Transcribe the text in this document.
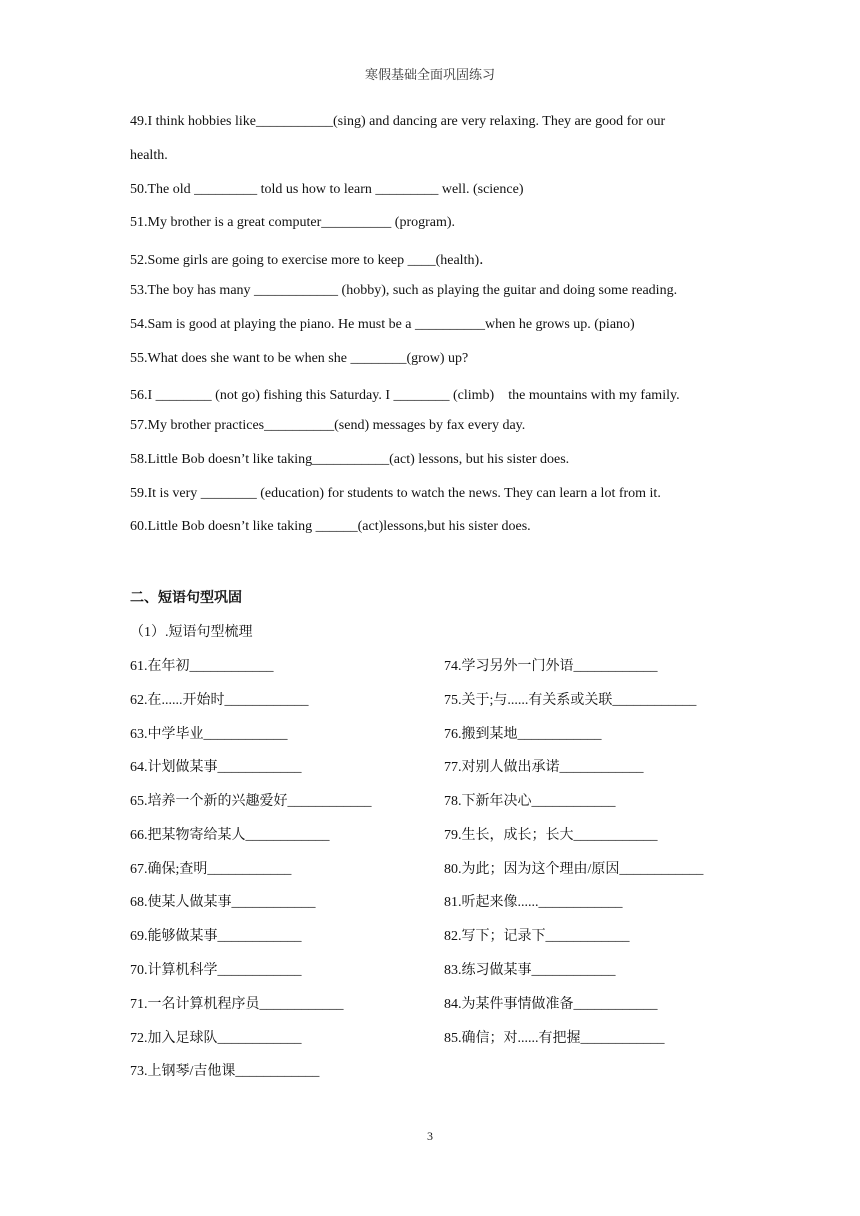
寒假基础全面巩固练习
49.I think hobbies like___________(sing) and dancing are very relaxing. They are good for our
health.
50.The old _________ told us how to learn _________ well. (science)
51.My brother is a great computer__________ (program).
52.Some girls are going to exercise more to keep ____(health)．
53.The boy has many ____________ (hobby), such as playing the guitar and doing some reading.
54.Sam is good at playing the piano. He must be a __________when he grows up. (piano)
55.What does she want to be when she ________(grow) up?
56.I ________ (not go) fishing this Saturday. I ________ (climb)　the mountains with my family.
57.My brother practices__________(send) messages by fax every day.
58.Little Bob doesn’t like taking___________(act) lessons, but his sister does.
59.It is very ________ (education) for students to watch the news. They can learn a lot from it.
60.Little Bob doesn’t like taking ______(act)lessons,but his sister does.
二、短语句型巩固
（1）.短语句型梳理
61.在年初____________
62.在......开始时____________
63.中学毕业____________
64.计划做某事____________
65.培养一个新的兴趣爱好____________
66.把某物寄给某人____________
67.确保;查明____________
68.使某人做某事____________
69.能够做某事____________
70.计算机科学____________
71.一名计算机程序员____________
72.加入足球队____________
73.上钢琴/吉他课____________
74.学习另外一门外语____________
75.关于;与......有关系或关联____________
76.搬到某地____________
77.对别人做出承诺____________
78.下新年决心____________
79.生长，成长；长大____________
80.为此；因为这个理由/原因____________
81.听起来像......____________
82.写下；记录下____________
83.练习做某事____________
84.为某件事情做准备____________
85.确信；对......有把握____________
3
